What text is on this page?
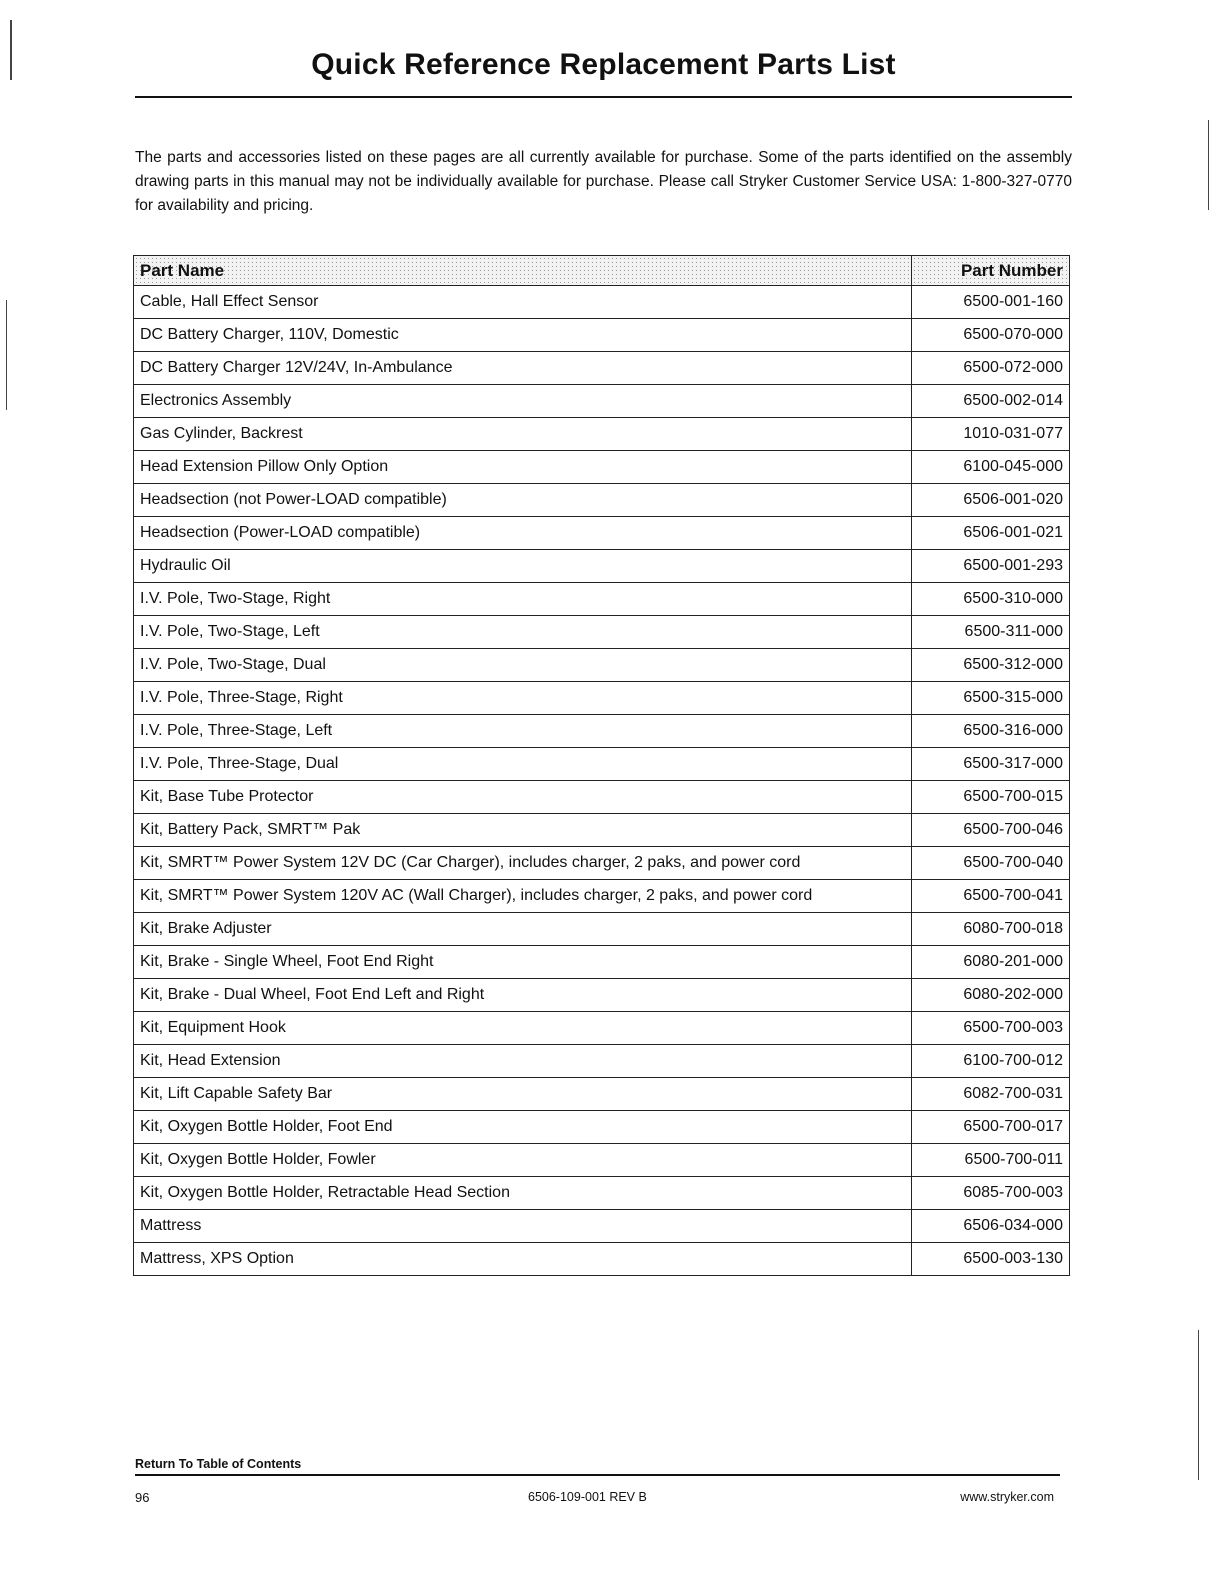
Quick Reference Replacement Parts List

The parts and accessories listed on these pages are all currently available for purchase. Some of the parts identified on the assembly drawing parts in this manual may not be individually available for purchase. Please call Stryker Customer Service USA: 1-800-327-0770 for availability and pricing.

Part Name	Part Number
Cable, Hall Effect Sensor	6500-001-160
DC Battery Charger, 110V, Domestic	6500-070-000
DC Battery Charger 12V/24V, In-Ambulance	6500-072-000
Electronics Assembly	6500-002-014
Gas Cylinder, Backrest	1010-031-077
Head Extension Pillow Only Option	6100-045-000
Headsection (not Power-LOAD compatible)	6506-001-020
Headsection (Power-LOAD compatible)	6506-001-021
Hydraulic Oil	6500-001-293
I.V. Pole, Two-Stage, Right	6500-310-000
I.V. Pole, Two-Stage, Left	6500-311-000
I.V. Pole, Two-Stage, Dual	6500-312-000
I.V. Pole, Three-Stage, Right	6500-315-000
I.V. Pole, Three-Stage, Left	6500-316-000
I.V. Pole, Three-Stage, Dual	6500-317-000
Kit, Base Tube Protector	6500-700-015
Kit, Battery Pack, SMRT™ Pak	6500-700-046
Kit, SMRT™ Power System 12V DC (Car Charger), includes charger, 2 paks, and power cord	6500-700-040
Kit, SMRT™ Power System 120V AC (Wall Charger), includes charger, 2 paks, and power cord	6500-700-041
Kit, Brake Adjuster	6080-700-018
Kit, Brake - Single Wheel, Foot End Right	6080-201-000
Kit, Brake - Dual Wheel, Foot End Left and Right	6080-202-000
Kit, Equipment Hook	6500-700-003
Kit, Head Extension	6100-700-012
Kit, Lift Capable Safety Bar	6082-700-031
Kit, Oxygen Bottle Holder, Foot End	6500-700-017
Kit, Oxygen Bottle Holder, Fowler	6500-700-011
Kit, Oxygen Bottle Holder, Retractable Head Section	6085-700-003
Mattress	6506-034-000
Mattress, XPS Option	6500-003-130
Return To Table of Contents
96	6506-109-001 REV B	www.stryker.com
